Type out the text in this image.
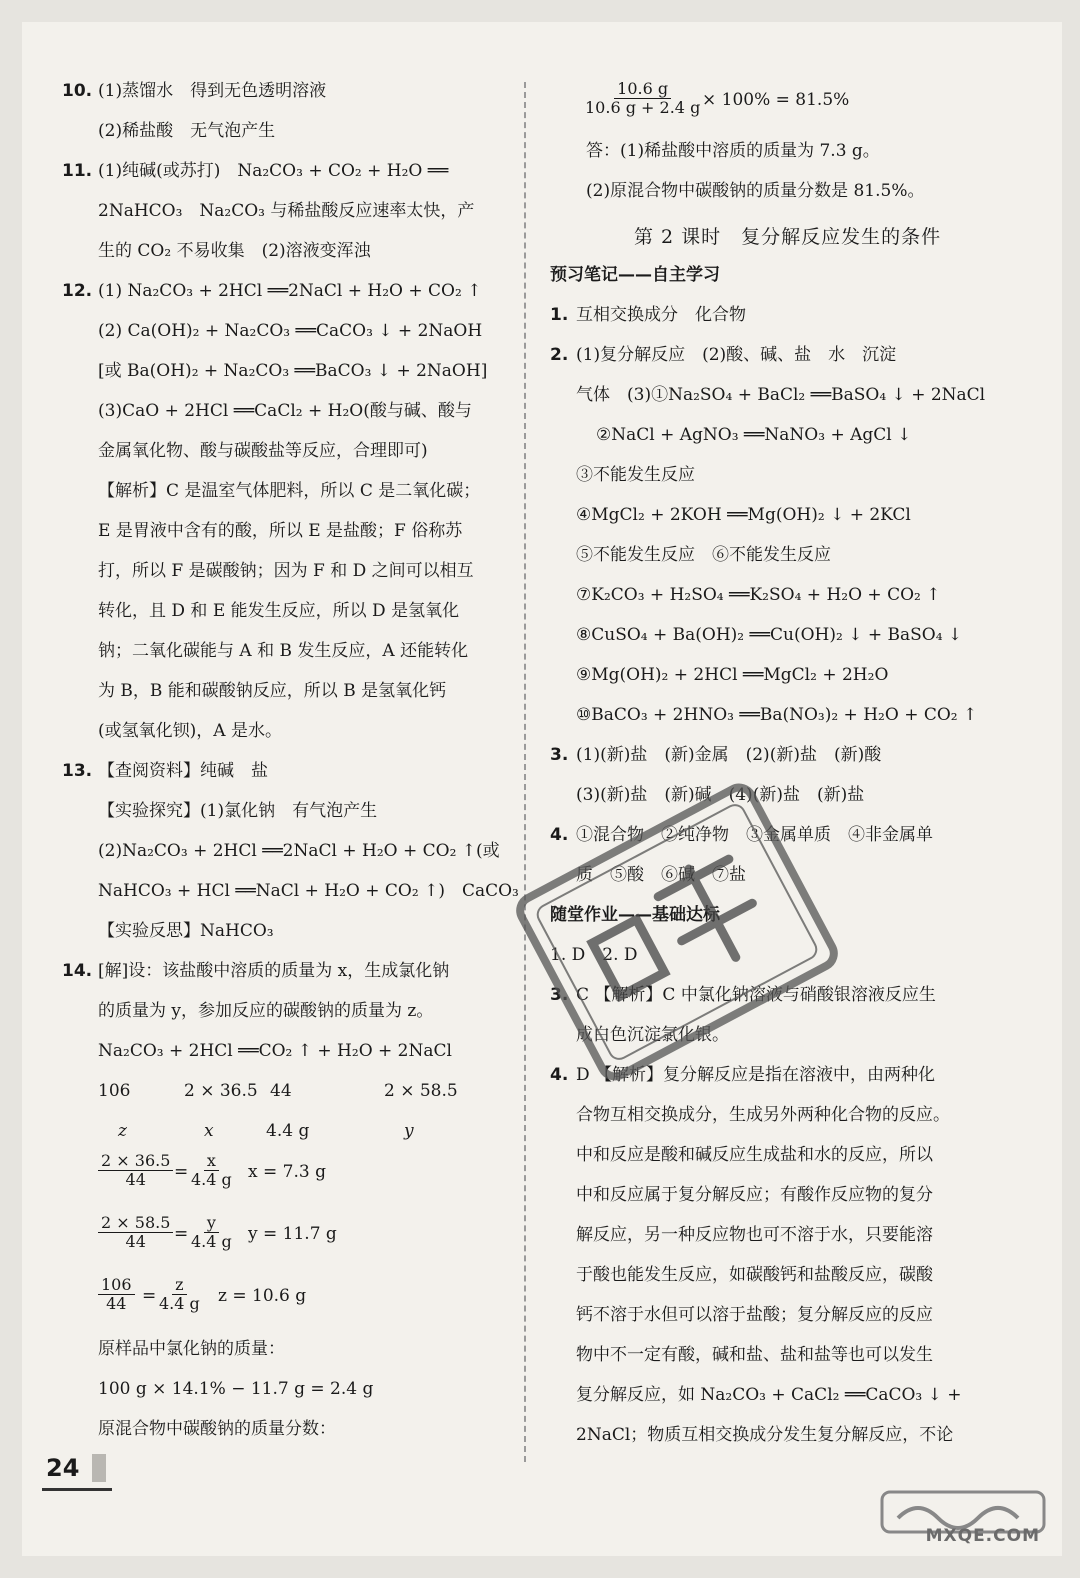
10. (1)蒸馏水　得到无色透明溶液
(2)稀盐酸　无气泡产生
11. (1)纯碱(或苏打)　Na₂CO₃ + CO₂ + H₂O ══
2NaHCO₃　Na₂CO₃ 与稀盐酸反应速率太快，产
生的 CO₂ 不易收集　(2)溶液变浑浊
12. (1) Na₂CO₃ + 2HCl ══2NaCl + H₂O + CO₂ ↑
(2) Ca(OH)₂ + Na₂CO₃ ══CaCO₃ ↓ + 2NaOH
[或 Ba(OH)₂ + Na₂CO₃ ══BaCO₃ ↓ + 2NaOH]
(3)CaO + 2HCl ══CaCl₂ + H₂O(酸与碱、酸与
金属氧化物、酸与碳酸盐等反应，合理即可)
【解析】C 是温室气体肥料，所以 C 是二氧化碳；
E 是胃液中含有的酸，所以 E 是盐酸；F 俗称苏
打，所以 F 是碳酸钠；因为 F 和 D 之间可以相互
转化，且 D 和 E 能发生反应，所以 D 是氢氧化
钠；二氧化碳能与 A 和 B 发生反应，A 还能转化
为 B，B 能和碳酸钠反应，所以 B 是氢氧化钙
(或氢氧化钡)，A 是水。
13. 【查阅资料】纯碱　盐
【实验探究】(1)氯化钠　有气泡产生
(2)Na₂CO₃ + 2HCl ══2NaCl + H₂O + CO₂ ↑(或
NaHCO₃ + HCl ══NaCl + H₂O + CO₂ ↑)　CaCO₃
【实验反思】NaHCO₃
14. [解]设：该盐酸中溶质的质量为 x，生成氯化钠
的质量为 y，参加反应的碳酸钠的质量为 z。
Na₂CO₃ + 2HCl ══CO₂ ↑ + H₂O + 2NaCl
106	2 × 36.5 44	2 × 58.5
z	x	4.4 g	y
$\frac{2 \times 36.5}{44} = \frac{x}{4.4 g}$ x = 7.3 g
$\frac{2 \times 58.5}{44} = \frac{y}{4.4 g}$ y = 11.7 g
$\frac{106}{44} = \frac{z}{4.4 g}$ z = 10.6 g
原样品中氯化钠的质量：
100 g × 14.1% − 11.7 g = 2.4 g
原混合物中碳酸钠的质量分数：
$\frac{10.6 g}{10.6 g + 2.4 g}$
× 100% = 81.5%
答：(1)稀盐酸中溶质的质量为 7.3 g。
(2)原混合物中碳酸钠的质量分数是 81.5%。
第 2 课时　复分解反应发生的条件
预习笔记——自主学习
1. 互相交换成分　化合物
2. (1)复分解反应　(2)酸、碱、盐　水　沉淀
气体　(3)①Na₂SO₄ + BaCl₂ ══BaSO₄ ↓ + 2NaCl
②NaCl + AgNO₃ ══NaNO₃ + AgCl ↓
③不能发生反应
④MgCl₂ + 2KOH ══Mg(OH)₂ ↓ + 2KCl
⑤不能发生反应　⑥不能发生反应
⑦K₂CO₃ + H₂SO₄ ══K₂SO₄ + H₂O + CO₂ ↑
⑧CuSO₄ + Ba(OH)₂ ══Cu(OH)₂ ↓ + BaSO₄ ↓
⑨Mg(OH)₂ + 2HCl ══MgCl₂ + 2H₂O
⑩BaCO₃ + 2HNO₃ ══Ba(NO₃)₂ + H₂O + CO₂ ↑
3. (1)(新)盐　(新)金属　(2)(新)盐　(新)酸
(3)(新)盐　(新)碱　(4)(新)盐　(新)盐
4. ①混合物　②纯净物　③金属单质　④非金属单
质　⑤酸　⑥碱　⑦盐
随堂作业——基础达标
1. D　2. D
3. C 【解析】C 中氯化钠溶液与硝酸银溶液反应生
成白色沉淀氯化银。
4. D 【解析】复分解反应是指在溶液中，由两种化
合物互相交换成分，生成另外两种化合物的反应。
中和反应是酸和碱反应生成盐和水的反应，所以
中和反应属于复分解反应；有酸作反应物的复分
解反应，另一种反应物也可不溶于水，只要能溶
于酸也能发生反应，如碳酸钙和盐酸反应，碳酸
钙不溶于水但可以溶于盐酸；复分解反应的反应
物中不一定有酸，碱和盐、盐和盐等也可以发生
复分解反应，如 Na₂CO₃ + CaCl₂ ══CaCO₃ ↓ +
2NaCl；物质互相交换成分发生复分解反应，不论
24
MXQE.COM
